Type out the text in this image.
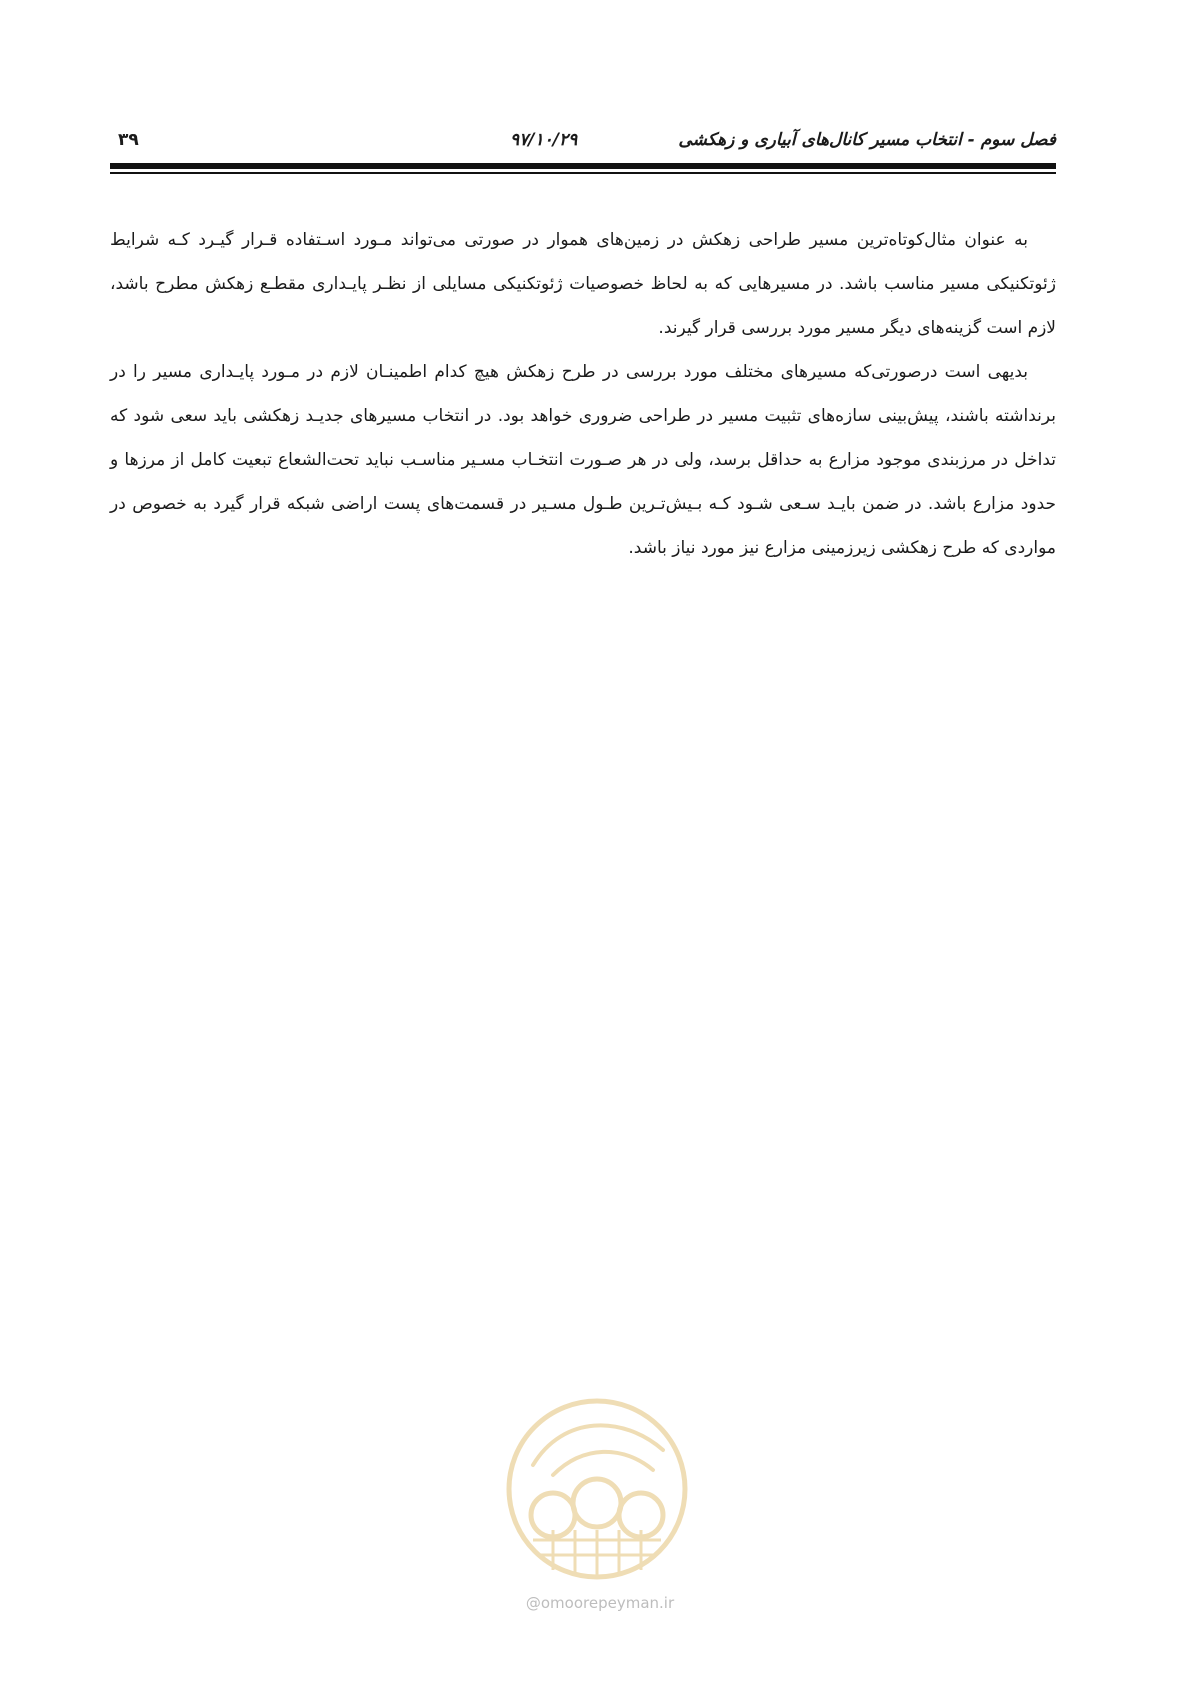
فصل سوم - انتخاب مسیر کانال‌های آبیاری و زهکشی
۹۷/۱۰/۲۹
۳۹

به عنوان مثال‌کوتاه‌ترین مسیر طراحی زهکش در زمین‌های هموار در صورتی می‌تواند مـورد اسـتفاده قـرار گیـرد کـه شرایط ژئوتکنیکی مسیر مناسب باشد. در مسیرهایی که به لحاظ خصوصیات ژئوتکنیکی مسایلی از نظـر پایـداری مقطـع زهکش مطرح باشد، لازم است گزینه‌های دیگر مسیر مورد بررسی قرار گیرند.

بدیهی است درصورتی‌که مسیرهای مختلف مورد بررسی در طرح زهکش هیچ کدام اطمینـان لازم در مـورد پایـداری مسیر را در برنداشته باشند، پیش‌بینی سازه‌های تثبیت مسیر در طراحی ضروری خواهد بود. در انتخاب مسیرهای جدیـد زهکشی باید سعی شود که تداخل در مرزبندی موجود مزارع به حداقل برسد، ولی در هر صـورت انتخـاب مسـیر مناسـب نباید تحت‌الشعاع تبعیت کامل از مرزها و حدود مزارع باشد. در ضمن بایـد سـعی شـود کـه بـیش‌تـرین طـول مسـیر در قسمت‌های پست اراضی شبکه قرار گیرد به خصوص در مواردی که طرح زهکشی زیرزمینی مزارع نیز مورد نیاز باشد.

@omoorepeyman.ir
